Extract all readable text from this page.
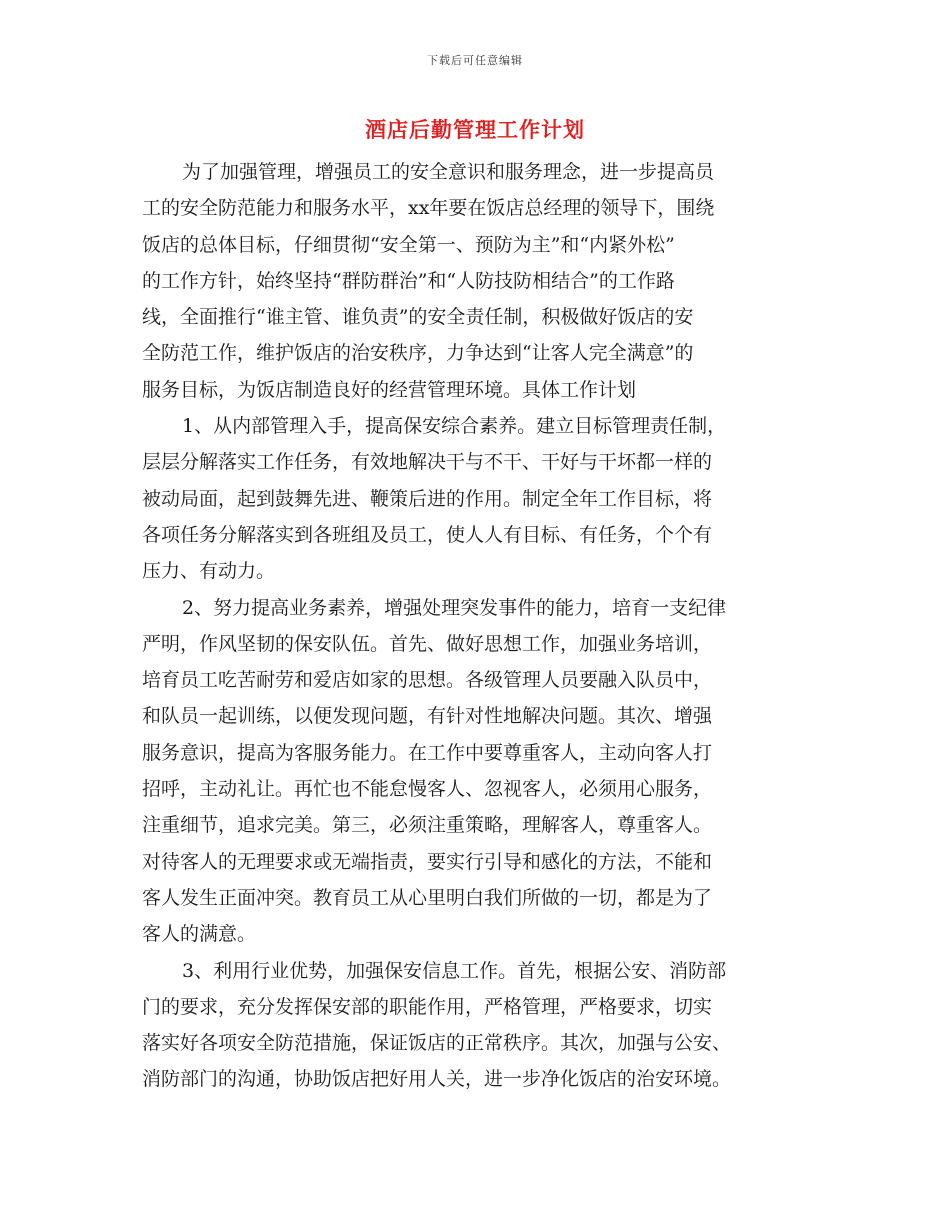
下载后可任意编辑
酒店后勤管理工作计划

为了加强管理，增强员工的安全意识和服务理念，进一步提高员
工的安全防范能力和服务水平，xx年要在饭店总经理的领导下，围绕
饭店的总体目标，仔细贯彻“安全第一、预防为主”和“内紧外松”
的工作方针，始终坚持“群防群治”和“人防技防相结合”的工作路
线，全面推行“谁主管、谁负责”的安全责任制，积极做好饭店的安
全防范工作，维护饭店的治安秩序，力争达到“让客人完全满意”的
服务目标，为饭店制造良好的经营管理环境。具体工作计划

1、从内部管理入手，提高保安综合素养。建立目标管理责任制，
层层分解落实工作任务，有效地解决干与不干、干好与干坏都一样的
被动局面，起到鼓舞先进、鞭策后进的作用。制定全年工作目标，将
各项任务分解落实到各班组及员工，使人人有目标、有任务，个个有
压力、有动力。

2、努力提高业务素养，增强处理突发事件的能力，培育一支纪律
严明，作风坚韧的保安队伍。首先、做好思想工作，加强业务培训，
培育员工吃苦耐劳和爱店如家的思想。各级管理人员要融入队员中，
和队员一起训练，以便发现问题，有针对性地解决问题。其次、增强
服务意识，提高为客服务能力。在工作中要尊重客人，主动向客人打
招呼，主动礼让。再忙也不能怠慢客人、忽视客人，必须用心服务，
注重细节，追求完美。第三，必须注重策略，理解客人，尊重客人。
对待客人的无理要求或无端指责，要实行引导和感化的方法，不能和
客人发生正面冲突。教育员工从心里明白我们所做的一切，都是为了
客人的满意。

3、利用行业优势，加强保安信息工作。首先，根据公安、消防部
门的要求，充分发挥保安部的职能作用，严格管理，严格要求，切实
落实好各项安全防范措施，保证饭店的正常秩序。其次，加强与公安、
消防部门的沟通，协助饭店把好用人关，进一步净化饭店的治安环境。
